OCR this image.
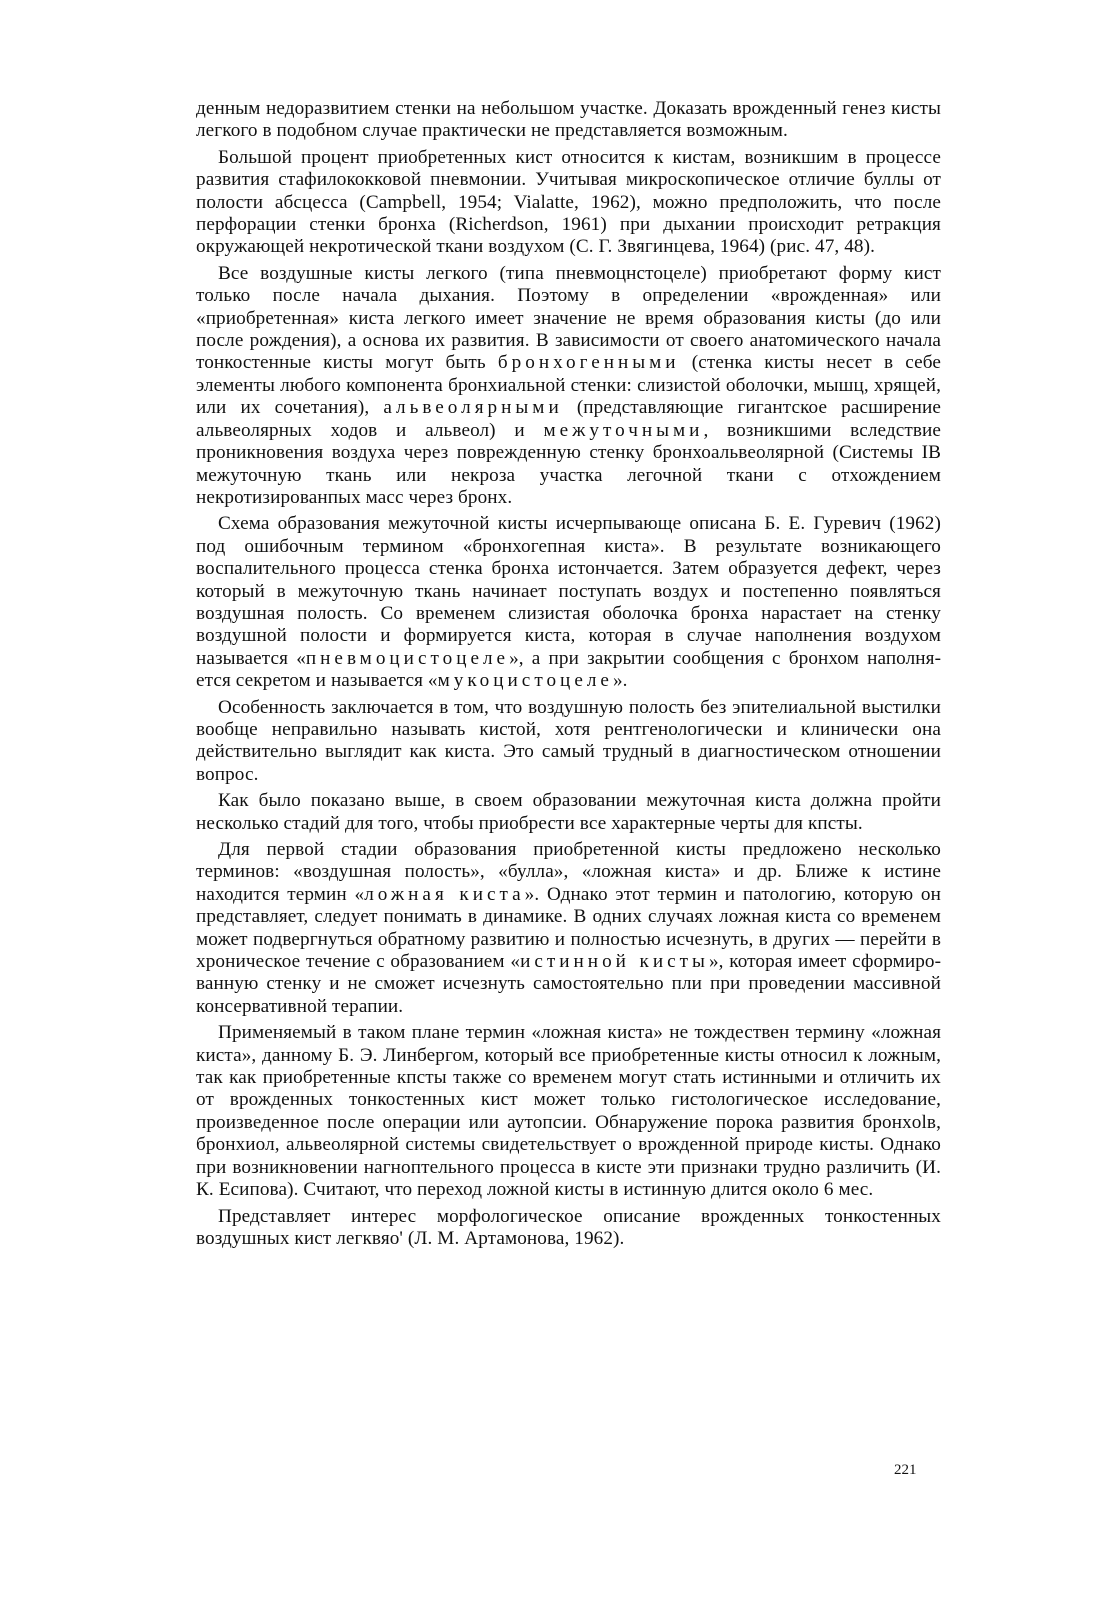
денным недоразвитием стенки на небольшом участке. Доказать врожденный генез кисты легкого в подобном случае практически не представляется возможным.

Большой процент приобретенных кист относится к кистам, возникшим в процессе развития стафилококковой пневмонии. Учитывая микроскопическое отличие буллы от полости абсцесса (Campbell, 1954; Vialatte, 1962), можно предположить, что после перфорации стенки бронха (Richerdson, 1961) при дыхании происходит ретракция окружающей некротической ткани воздухом (С. Г. Звягинцева, 1964) (рис. 47, 48).

Все воздушные кисты легкого (типа пневмоцнстоцеле) приобретают форму кист только после начала дыхания. Поэтому в определении «врожденная» или «приобретенная» киста легкого имеет значение не время образования кисты (до или после рождения), а основа их развития. В зависимости от своего анатомического начала тонкостенные кисты могут быть бронхогенными (стенка кисты несет в себе элементы любого компонента бронхиальной стенки: слизистой оболочки, мышц, хрящей, или их сочетания), альвеолярными (представляющие гигантское расширение альвеолярных ходов и альвеол) и межуточными, возникшими вследствие проникновения воздуха через поврежденную стенку бронхоальвеолярной (Системы IB межуточную ткань или некроза участка легочной ткани с отхождением некротизированпых масс через бронх.

Схема образования межуточной кисты исчерпывающе описана Б. Е. Гуревич (1962) под ошибочным термином «бронхогепная киста». В результате возникающего воспалительного процесса стенка бронха истончается. Затем образуется дефект, через который в межуточную ткань начинает поступать воздух и постепенно появляться воздушная полость. Со временем слизистая оболочка бронха нарастает на стенку воздушной полости и формируется киста, которая в случае наполнения воздухом называется «пневмоцистоцеле», а при закрытии сообщения с бронхом наполняется секретом и называется «мукоцистоцеле».

Особенность заключается в том, что воздушную полость без эпителиальной выстилки вообще неправильно называть кистой, хотя рентгенологически и клинически она действительно выглядит как киста. Это самый трудный в диагностическом отношении вопрос.

Как было показано выше, в своем образовании межуточная киста должна пройти несколько стадий для того, чтобы приобрести все характерные черты для кпсты.

Для первой стадии образования приобретенной кисты предложено несколько терминов: «воздушная полость», «булла», «ложная киста» и др. Ближе к истине находится термин «ложная киста». Однако этот термин и патологию, которую он представляет, следует понимать в динамике. В одних случаях ложная киста со временем может подвергнуться обратному развитию и полностью исчезнуть, в других — перейти в хроническое течение с образованием «истинной кисты», которая имеет сформированную стенку и не сможет исчезнуть самостоятельно пли при проведении массивной консервативной терапии.

Применяемый в таком плане термин «ложная киста» не тождествен термину «ложная киста», данному Б. Э. Линбергом, который все приобретенные кисты относил к ложным, так как приобретенные кпсты также со временем могут стать истинными и отличить их от врожденных тонкостенных кист может только гистологическое исследование, произведенное после операции или аутопсии. Обнаружение порока развития бронхolв, бронхиол, альвеолярной системы свидетельствует о врожденной природе кисты. Однако при возникновении нагноптельного процесса в кисте эти признаки трудно различить (И. К. Есипова). Считают, что переход ложной кисты в истинную длится около 6 мес.

Представляет интерес морфологическое описание врожденных тонкостенных воздушных кист легквяо' (Л. М. Артамонова, 1962).

221
